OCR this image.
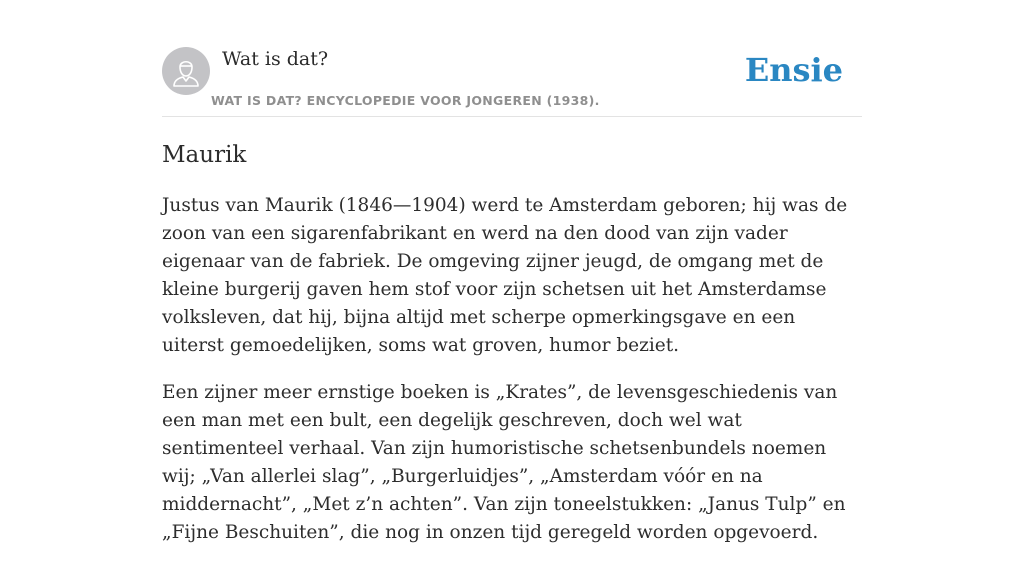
Wat is dat?
WAT IS DAT? ENCYCLOPEDIE VOOR JONGEREN (1938).
Ensie
Maurik

Justus van Maurik (1846—1904) werd te Amsterdam geboren; hij was de zoon van een sigarenfabrikant en werd na den dood van zijn vader eigenaar van de fabriek. De omgeving zijner jeugd, de omgang met de kleine burgerij gaven hem stof voor zijn schetsen uit het Amsterdamse volksleven, dat hij, bijna altijd met scherpe opmerkingsgave en een uiterst gemoedelijken, soms wat groven, humor beziet.

Een zijner meer ernstige boeken is „Krates”, de levensgeschiedenis van een man met een bult, een degelijk geschreven, doch wel wat sentimenteel verhaal. Van zijn humoristische schetsenbundels noemen wij; „Van allerlei slag”, „Burgerluidjes”, „Amsterdam vóór en na middernacht”, „Met z’n achten”. Van zijn toneelstukken: „Janus Tulp” en „Fijne Beschuiten”, die nog in onzen tijd geregeld worden opgevoerd.
